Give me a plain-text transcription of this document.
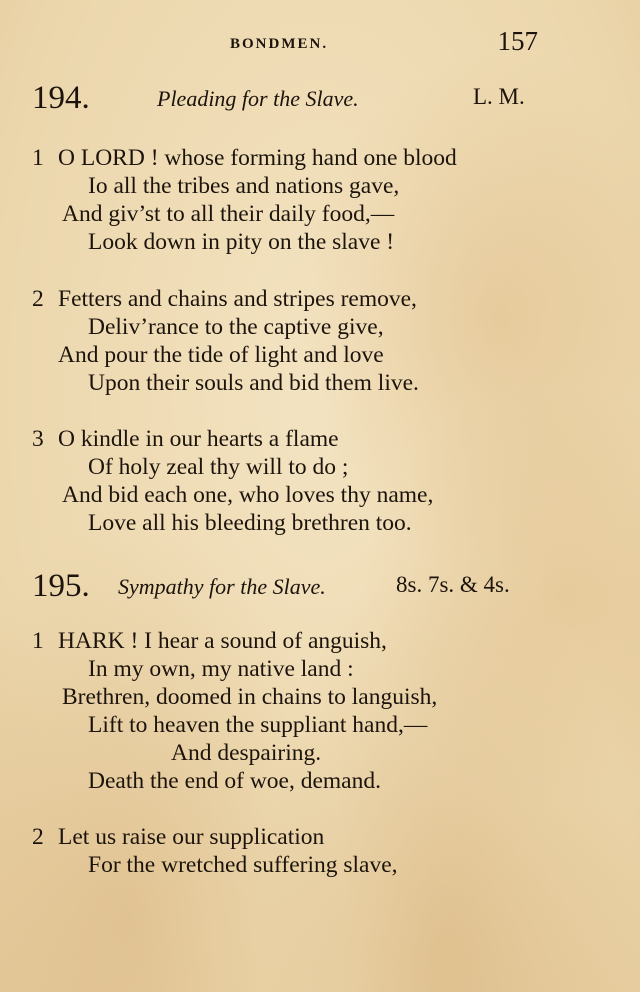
BONDMEN.	157
194.	Pleading for the Slave.	L. M.
1 O LORD ! whose forming hand one blood
Io all the tribes and nations gave,
And giv’st to all their daily food,—
Look down in pity on the slave !
2 Fetters and chains and stripes remove,
Deliv’rance to the captive give,
And pour the tide of light and love
Upon their souls and bid them live.
3 O kindle in our hearts a flame
Of holy zeal thy will to do ;
And bid each one, who loves thy name,
Love all his bleeding brethren too.
195. Sympathy for the Slave.	8s. 7s. & 4s.
1 HARK ! I hear a sound of anguish,
In my own, my native land :
Brethren, doomed in chains to languish,
Lift to heaven the suppliant hand,—
And despairing.
Death the end of woe, demand.
2 Let us raise our supplication
For the wretched suffering slave,
